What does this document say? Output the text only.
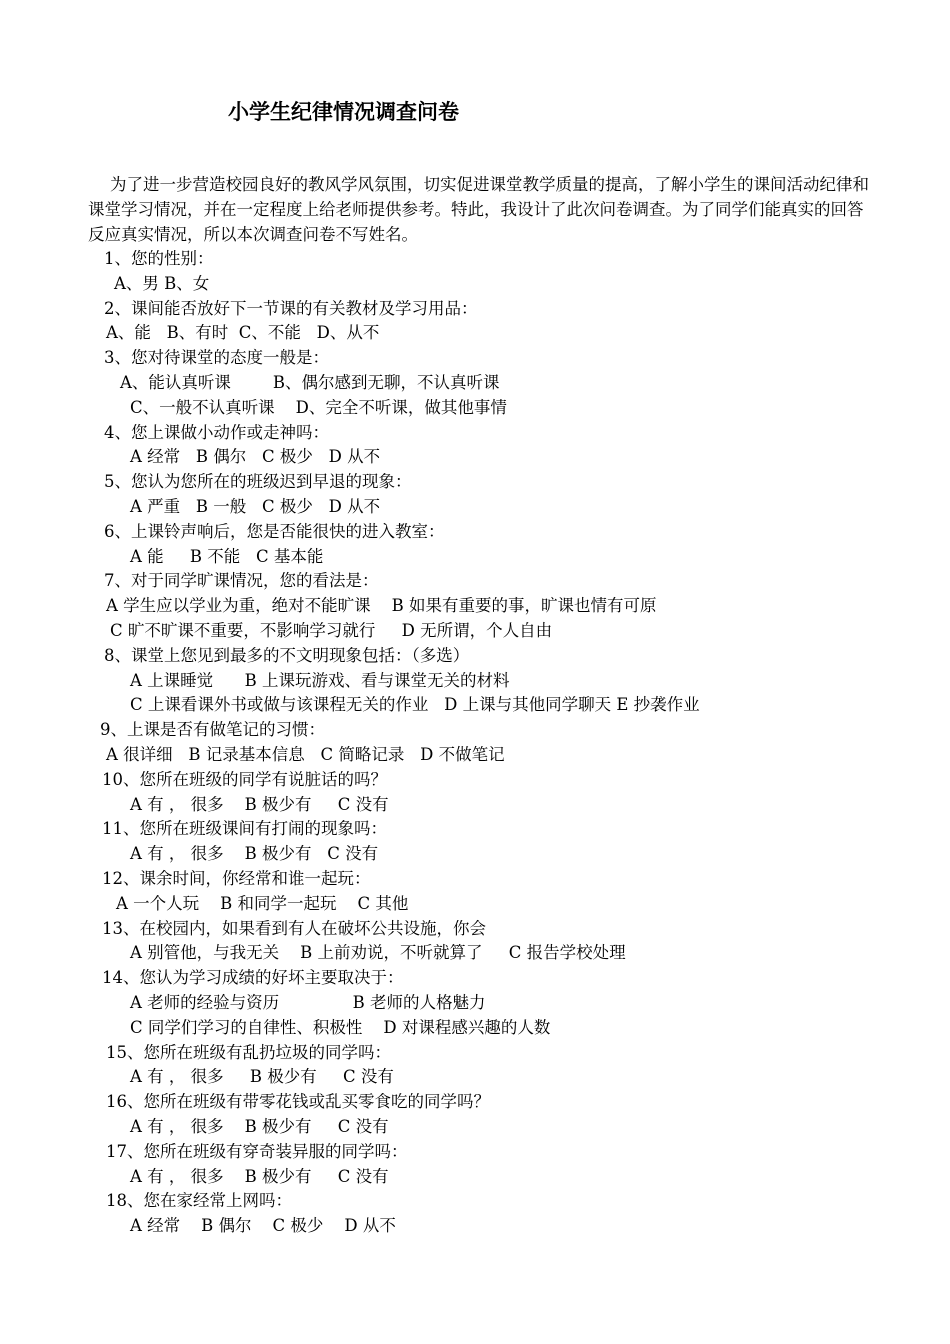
小学生纪律情况调查问卷
为了进一步营造校园良好的教风学风氛围，切实促进课堂教学质量的提高，了解小学生的课间活动纪律和课堂学习情况，并在一定程度上给老师提供参考。特此，我设计了此次问卷调查。为了同学们能真实的回答反应真实情况，所以本次调查问卷不写姓名。
1、您的性别：
A、男 B、女
2、课间能否放好下一节课的有关教材及学习用品：
A、能   B、有时  C、不能   D、从不
3、您对待课堂的态度一般是：
A、能认真听课        B、偶尔感到无聊，不认真听课
C、一般不认真听课    D、完全不听课，做其他事情
4、您上课做小动作或走神吗：
A 经常   B 偶尔   C 极少   D 从不
5、您认为您所在的班级迟到早退的现象：
A 严重   B 一般   C 极少   D 从不
6、上课铃声响后，您是否能很快的进入教室：
A 能     B 不能   C 基本能
7、对于同学旷课情况，您的看法是：
A 学生应以学业为重，绝对不能旷课    B 如果有重要的事，旷课也情有可原
C 旷不旷课不重要，不影响学习就行     D 无所谓，个人自由
8、课堂上您见到最多的不文明现象包括：（多选）
A 上课睡觉      B 上课玩游戏、看与课堂无关的材料
C 上课看课外书或做与该课程无关的作业   D 上课与其他同学聊天 E 抄袭作业
9、上课是否有做笔记的习惯：
A 很详细   B 记录基本信息   C 简略记录   D 不做笔记
10、您所在班级的同学有说脏话的吗？
A 有 ， 很多    B 极少有     C 没有
11、您所在班级课间有打闹的现象吗：
A 有 ， 很多    B 极少有   C 没有
12、课余时间，你经常和谁一起玩：
A 一个人玩    B 和同学一起玩    C 其他
13、在校园内，如果看到有人在破坏公共设施，你会
A 别管他，与我无关    B 上前劝说，不听就算了     C 报告学校处理
14、您认为学习成绩的好坏主要取决于：
A 老师的经验与资历              B 老师的人格魅力
C 同学们学习的自律性、积极性    D 对课程感兴趣的人数
15、您所在班级有乱扔垃圾的同学吗：
A 有 ， 很多     B 极少有     C 没有
16、您所在班级有带零花钱或乱买零食吃的同学吗？
A 有 ， 很多    B 极少有     C 没有
17、您所在班级有穿奇装异服的同学吗：
A 有 ， 很多    B 极少有     C 没有
18、您在家经常上网吗：
A 经常    B 偶尔    C 极少    D 从不
